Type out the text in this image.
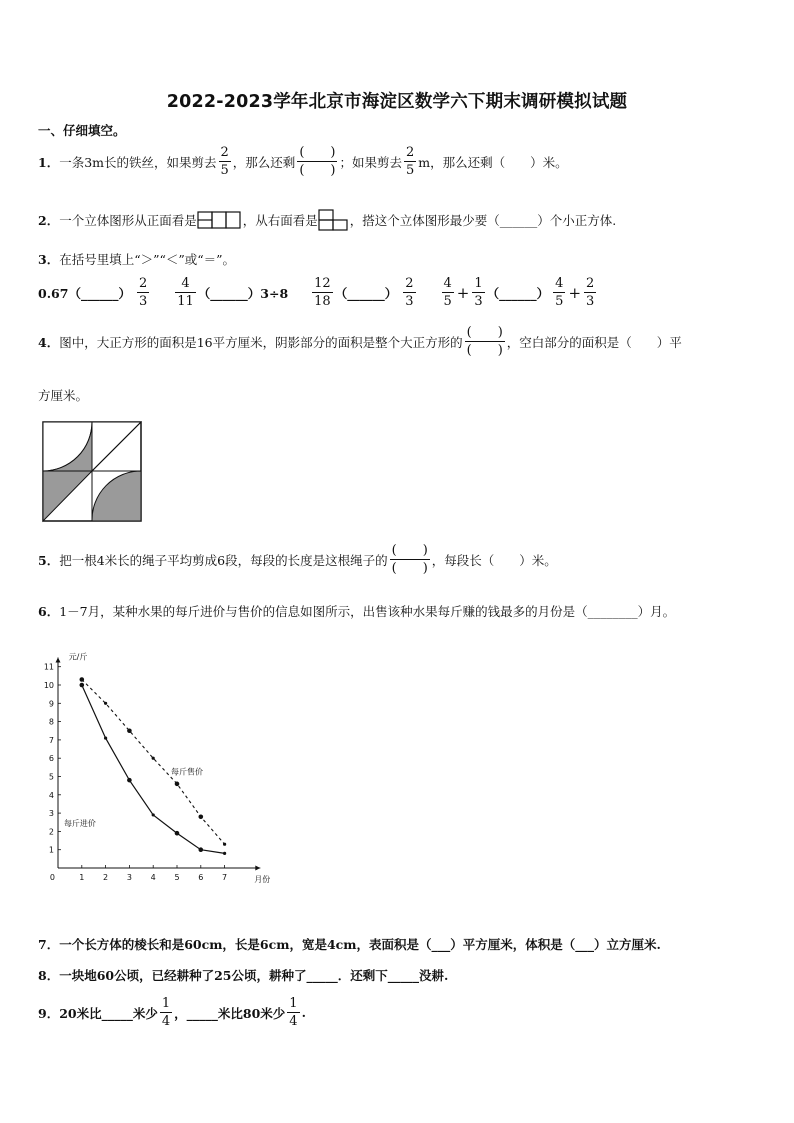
2022-2023学年北京市海淀区数学六下期末调研模拟试题
一、仔细填空。
1． 一条3m长的铁丝，如果剪去 $\frac{2}{5}$ ，那么还剩 $\frac{( )}{( )}$ ；如果剪去 $\frac{2}{5}$ m，那么还剩（　　）米。
2． 一个立体图形从正面看是	，从右面看是	，搭这个立体图形最少要（______）个小正方体.
3． 在括号里填上“＞”“＜”或“＝”。
0.67（______） $\frac{2}{3} \frac{4}{11}$ （______）3÷8 $\frac{12}{18}$ （______） $\frac{2}{3} \frac{4}{5} + \frac{1}{3}$ （______） $\frac{4}{5} + \frac{2}{3}$
4． 图中，大正方形的面积是16平方厘米，阴影部分的面积是整个大正方形的 $\frac{( )}{( )}$ ，空白部分的面积是（　　）平
方厘米。
5． 把一根4米长的绳子平均剪成6段，每段的长度是这根绳子的 $\frac{( )}{( )}$ ，每段长（　　）米。
6． 1－7月，某种水果的每斤进价与售价的信息如图所示，出售该种水果每斤赚的钱最多的月份是（________）月。
1
2
3
4
5
6
7
8
9
10
11
1 2 3 4 5 6 7
0
元/斤
月份
每斤售价
每斤进价
7． 一个长方体的棱长和是60cm，长是6cm，宽是4cm，表面积是（___）平方厘米，体积是（___）立方厘米.
8． 一块地60公顷，已经耕种了25公顷，耕种了_____．还剩下_____没耕.
9． 20米比_____米少 $\frac{1}{4}$ ，_____米比80米少 $\frac{1}{4}$ .
